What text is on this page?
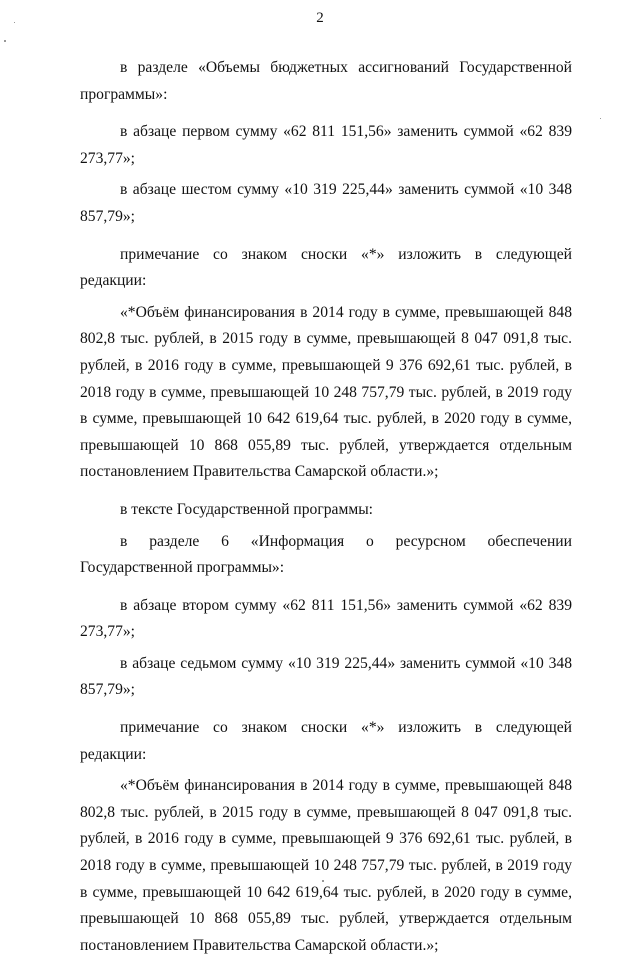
2

в разделе «Объемы бюджетных ассигнований Государственной программы»:

в абзаце первом сумму «62 811 151,56» заменить суммой «62 839 273,77»;

в абзаце шестом сумму «10 319 225,44» заменить суммой «10 348 857,79»;

примечание со знаком сноски «*» изложить в следующей редакции:

«*Объём финансирования в 2014 году в сумме, превышающей 848 802,8 тыс. рублей, в 2015 году в сумме, превышающей 8 047 091,8 тыс. рублей, в 2016 году в сумме, превышающей 9 376 692,61 тыс. рублей, в 2018 году в сумме, превышающей 10 248 757,79 тыс. рублей, в 2019 году в сумме, превышающей 10 642 619,64 тыс. рублей, в 2020 году в сумме, превышающей 10 868 055,89 тыс. рублей, утверждается отдельным постановлением Правительства Самарской области.»;

в тексте Государственной программы:

в разделе 6 «Информация о ресурсном обеспечении Государственной программы»:

в абзаце втором сумму «62 811 151,56» заменить суммой «62 839 273,77»;

в абзаце седьмом сумму «10 319 225,44» заменить суммой «10 348 857,79»;

примечание со знаком сноски «*» изложить в следующей редакции:

«*Объём финансирования в 2014 году в сумме, превышающей 848 802,8 тыс. рублей, в 2015 году в сумме, превышающей 8 047 091,8 тыс. рублей, в 2016 году в сумме, превышающей 9 376 692,61 тыс. рублей, в 2018 году в сумме, превышающей 10 248 757,79 тыс. рублей, в 2019 году в сумме, превышающей 10 642 619,64 тыс. рублей, в 2020 году в сумме, превышающей 10 868 055,89 тыс. рублей, утверждается отдельным постановлением Правительства Самарской области.»;
